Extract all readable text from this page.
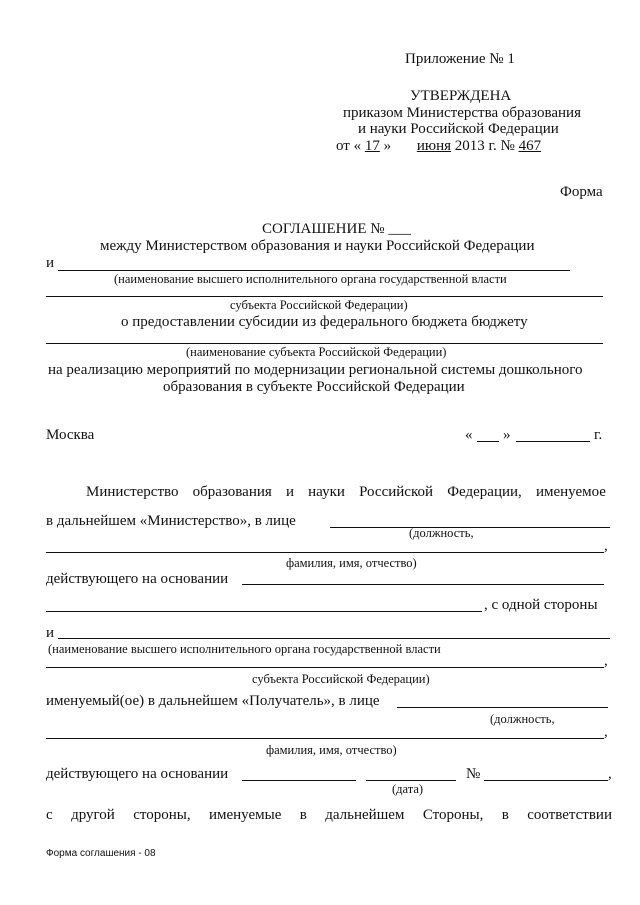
Приложение № 1
УТВЕРЖДЕНА
приказом Министерства образования
и науки Российской Федерации
от « 17 » июня 2013 г. № 467
Форма
СОГЛАШЕНИЕ № ___
между Министерством образования и науки Российской Федерации
и
(наименование высшего исполнительного органа государственной власти
субъекта Российской Федерации)
о предоставлении субсидии из федерального бюджета бюджету
(наименование субъекта Российской Федерации)
на реализацию мероприятий по модернизации региональной системы дошкольного
образования в субъекте Российской Федерации
Москва	« »	г.
Министерство образования и науки Российской Федерации, именуемое
в дальнейшем «Министерство», в лице
(должность,
,
фамилия, имя, отчество)
действующего на основании
, с одной стороны
и
(наименование высшего исполнительного органа государственной власти
,
субъекта Российской Федерации)
именуемый(ое) в дальнейшем «Получатель», в лице
(должность,
,
фамилия, имя, отчество)
действующего на основании	№	,
(дата)
с другой стороны, именуемые в дальнейшем Стороны, в соответствии
Форма соглашения - 08
